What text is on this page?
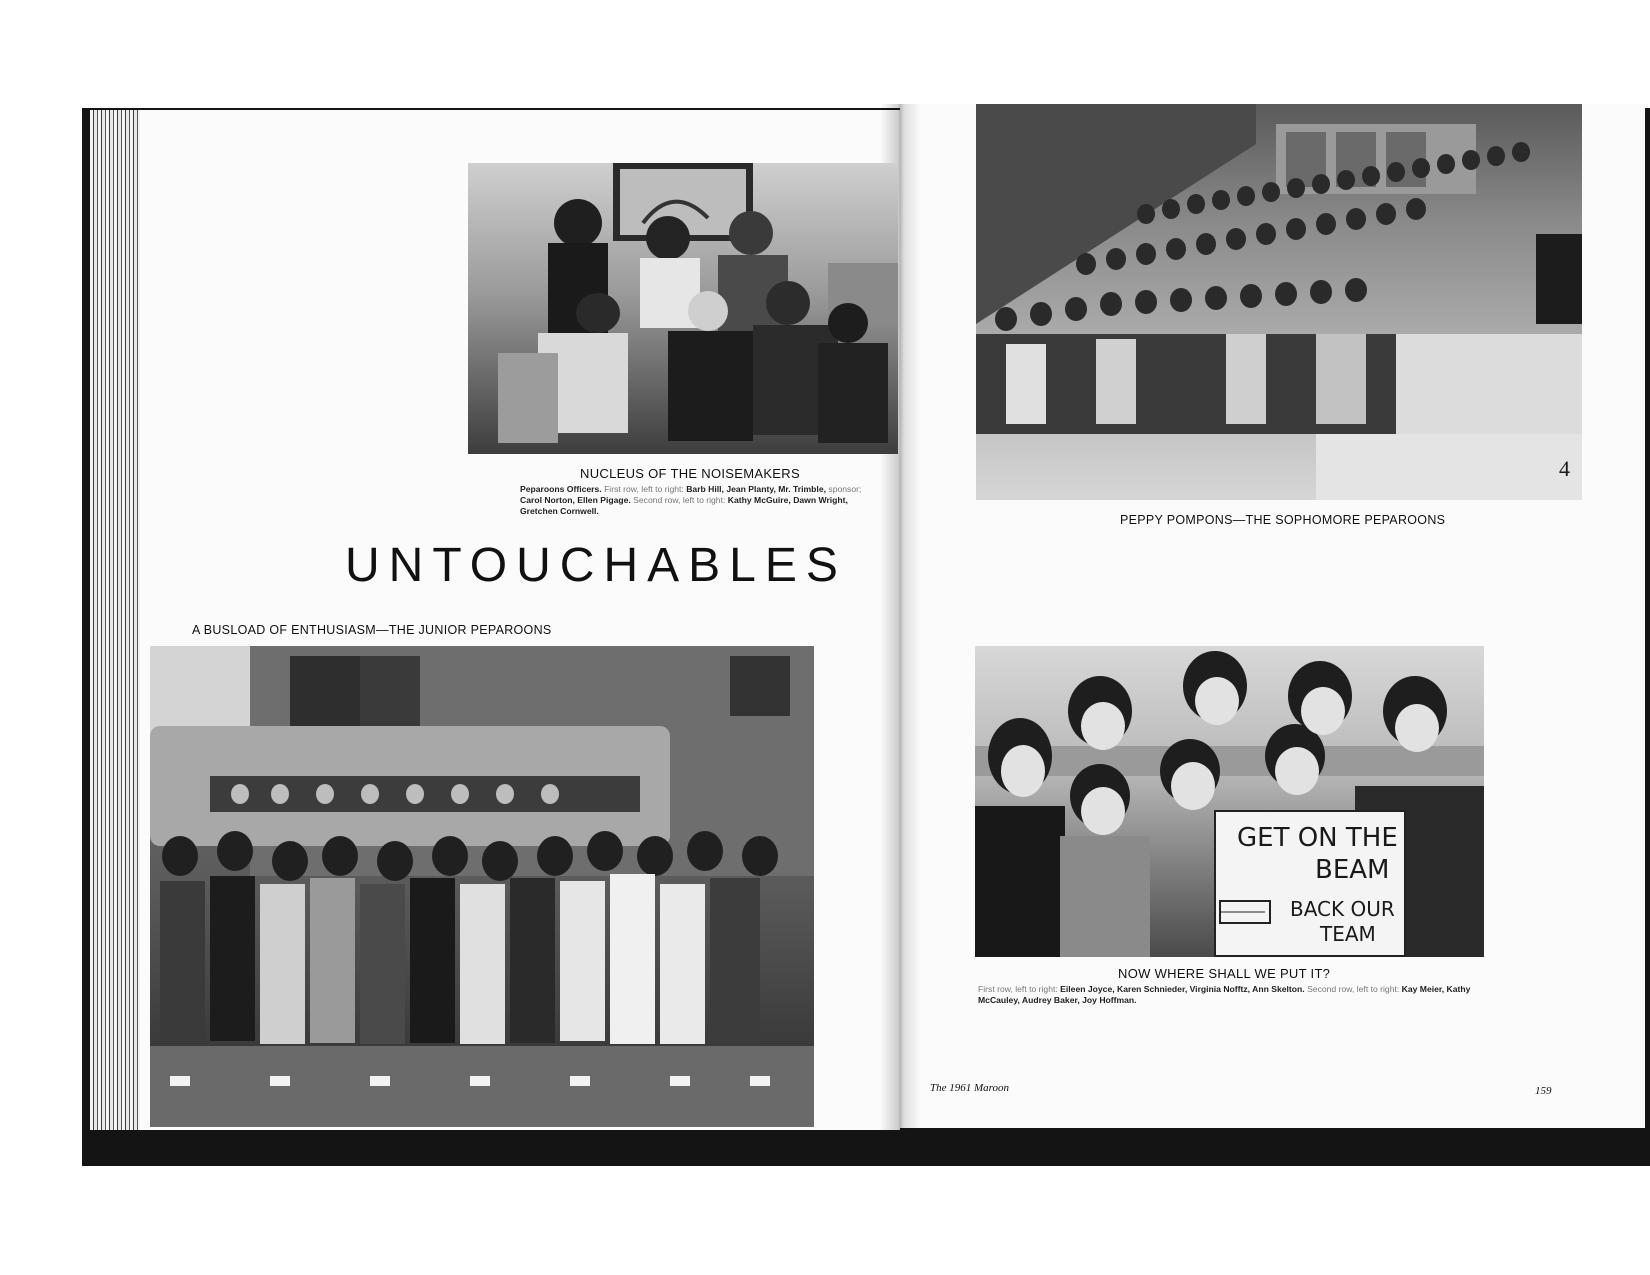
NUCLEUS OF THE NOISEMAKERS

Peparoons Officers. First row, left to right: Barb Hill, Jean Planty, Mr. Trimble, sponsor; Carol Norton, Ellen Pigage. Second row, left to right: Kathy McGuire, Dawn Wright, Gretchen Cornwell.

UNTOUCHABLES

A BUSLOAD OF ENTHUSIASM—THE JUNIOR PEPAROONS

4

PEPPY POMPONS—THE SOPHOMORE PEPAROONS

GET ON THE
BEAM
BACK OUR
TEAM

NOW WHERE SHALL WE PUT IT?

First row, left to right: Eileen Joyce, Karen Schnieder, Virginia Nofftz, Ann Skelton. Second row, left to right: Kay Meier, Kathy McCauley, Audrey Baker, Joy Hoffman.

The 1961 Maroon	159
